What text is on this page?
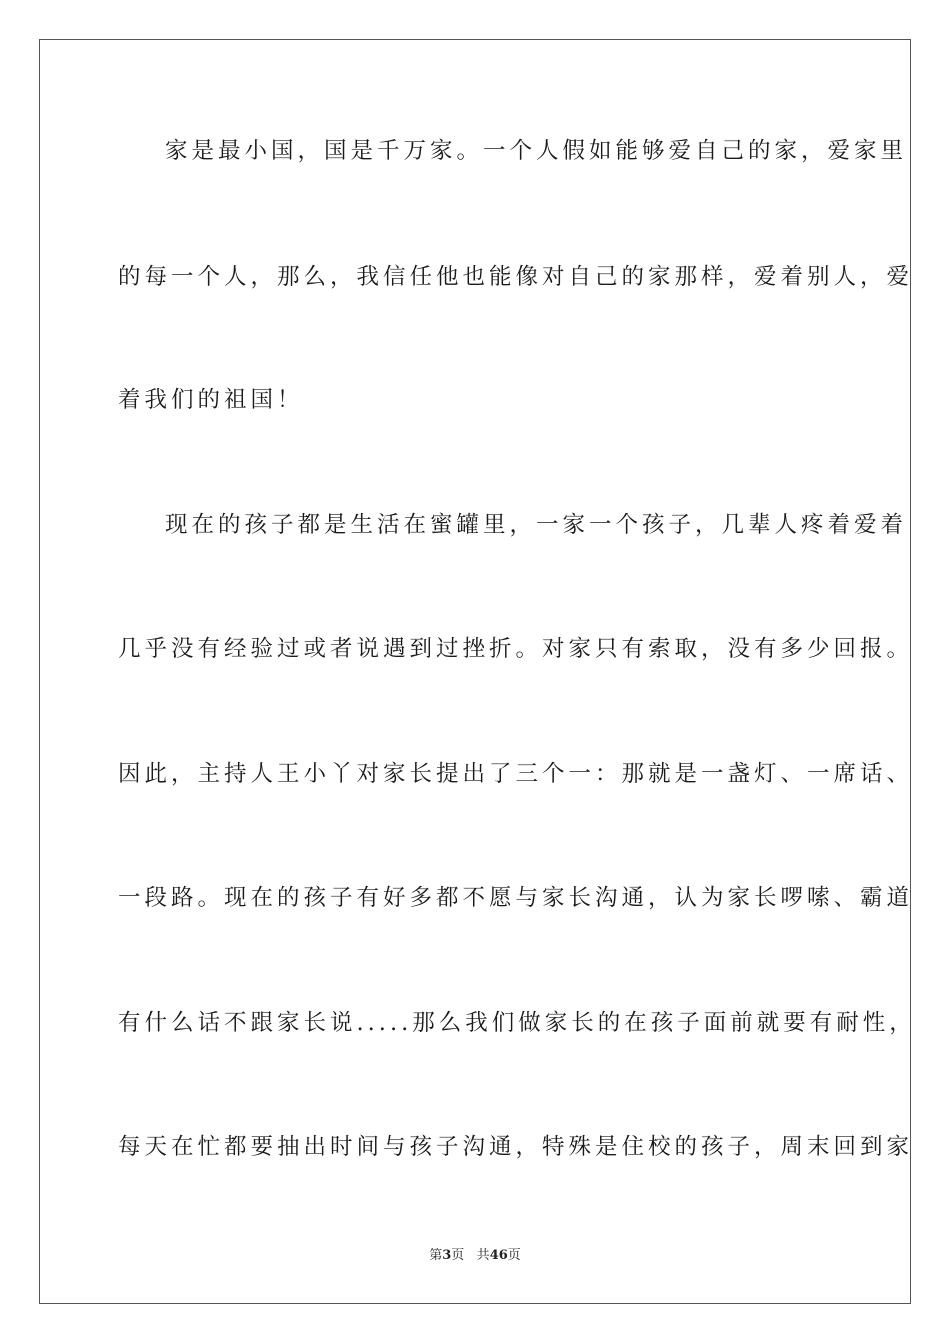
家是最小国，国是千万家。一个人假如能够爱自己的家，爱家里
的每一个人，那么，我信任他也能像对自己的家那样，爱着别人，爱
着我们的祖国！
现在的孩子都是生活在蜜罐里，一家一个孩子，几辈人疼着爱着
几乎没有经验过或者说遇到过挫折。对家只有索取，没有多少回报。
因此，主持人王小丫对家长提出了三个一：那就是一盏灯、一席话、
一段路。现在的孩子有好多都不愿与家长沟通，认为家长啰嗦、霸道
有什么话不跟家长说.....那么我们做家长的在孩子面前就要有耐性，
每天在忙都要抽出时间与孩子沟通，特殊是住校的孩子，周末回到家
第3页 共46页
